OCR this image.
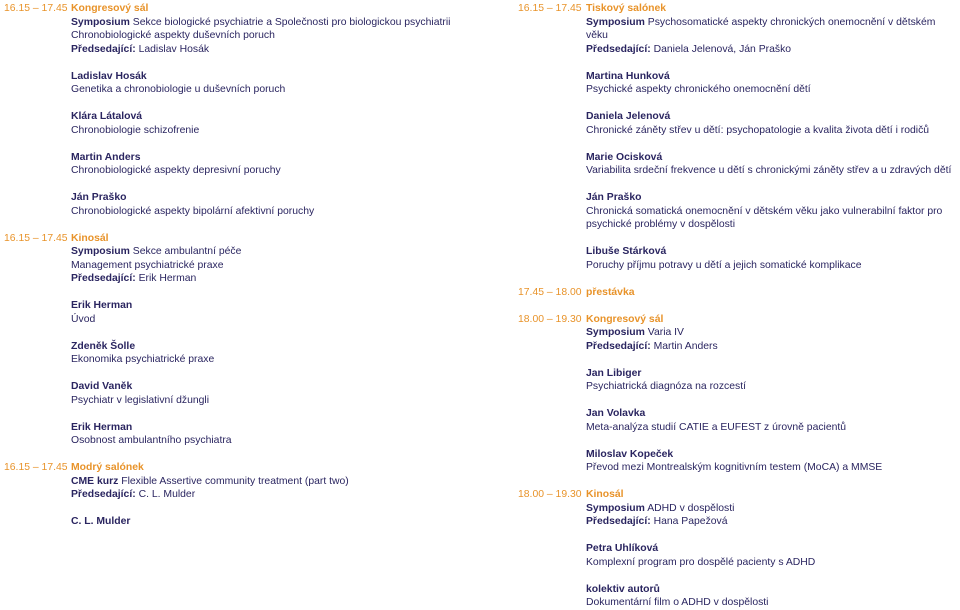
16.15 – 17.45 Kongresový sál
Symposium Sekce biologické psychiatrie a Společnosti pro biologickou psychiatrii
Chronobiologické aspekty duševních poruch
Předsedající: Ladislav Hosák
Ladislav Hosák
Genetika a chronobiologie u duševních poruch
Klára Látalová
Chronobiologie schizofrenie
Martin Anders
Chronobiologické aspekty depresivní poruchy
Ján Praško
Chronobiologické aspekty bipolární afektivní poruchy
16.15 – 17.45 Kinosál
Symposium Sekce ambulantní péče
Management psychiatrické praxe
Předsedající: Erik Herman
Erik Herman
Úvod
Zdeněk Šolle
Ekonomika psychiatrické praxe
David Vaněk
Psychiatr v legislativní džungli
Erik Herman
Osobnost ambulantního psychiatra
16.15 – 17.45 Modrý salónek
CME kurz Flexible Assertive community treatment (part two)
Předsedající: C. L. Mulder
C. L. Mulder
16.15 – 17.45 Tiskový salónek
Symposium Psychosomatické aspekty chronických onemocnění v dětském věku
Předsedající: Daniela Jelenová, Ján Praško
Martina Hunková
Psychické aspekty chronického onemocnění dětí
Daniela Jelenová
Chronické záněty střev u dětí: psychopatologie a kvalita života dětí i rodičů
Marie Ocisková
Variabilita srdeční frekvence u dětí s chronickými záněty střev a u zdravých dětí
Ján Praško
Chronická somatická onemocnění v dětském věku jako vulnerabilní faktor pro psychické problémy v dospělosti
Libuše Stárková
Poruchy příjmu potravy u dětí a jejich somatické komplikace
17.45 – 18.00 přestávka
18.00 – 19.30 Kongresový sál
Symposium Varia IV
Předsedající: Martin Anders
Jan Libiger
Psychiatrická diagnóza na rozcestí
Jan Volavka
Meta-analýza studií CATIE a EUFEST z úrovně pacientů
Miloslav Kopeček
Převod mezi Montrealským kognitivním testem (MoCA) a MMSE
18.00 – 19.30 Kinosál
Symposium ADHD v dospělosti
Předsedající: Hana Papežová
Petra Uhlíková
Komplexní program pro dospělé pacienty s ADHD
kolektiv autorů
Dokumentární film o ADHD v dospělosti
